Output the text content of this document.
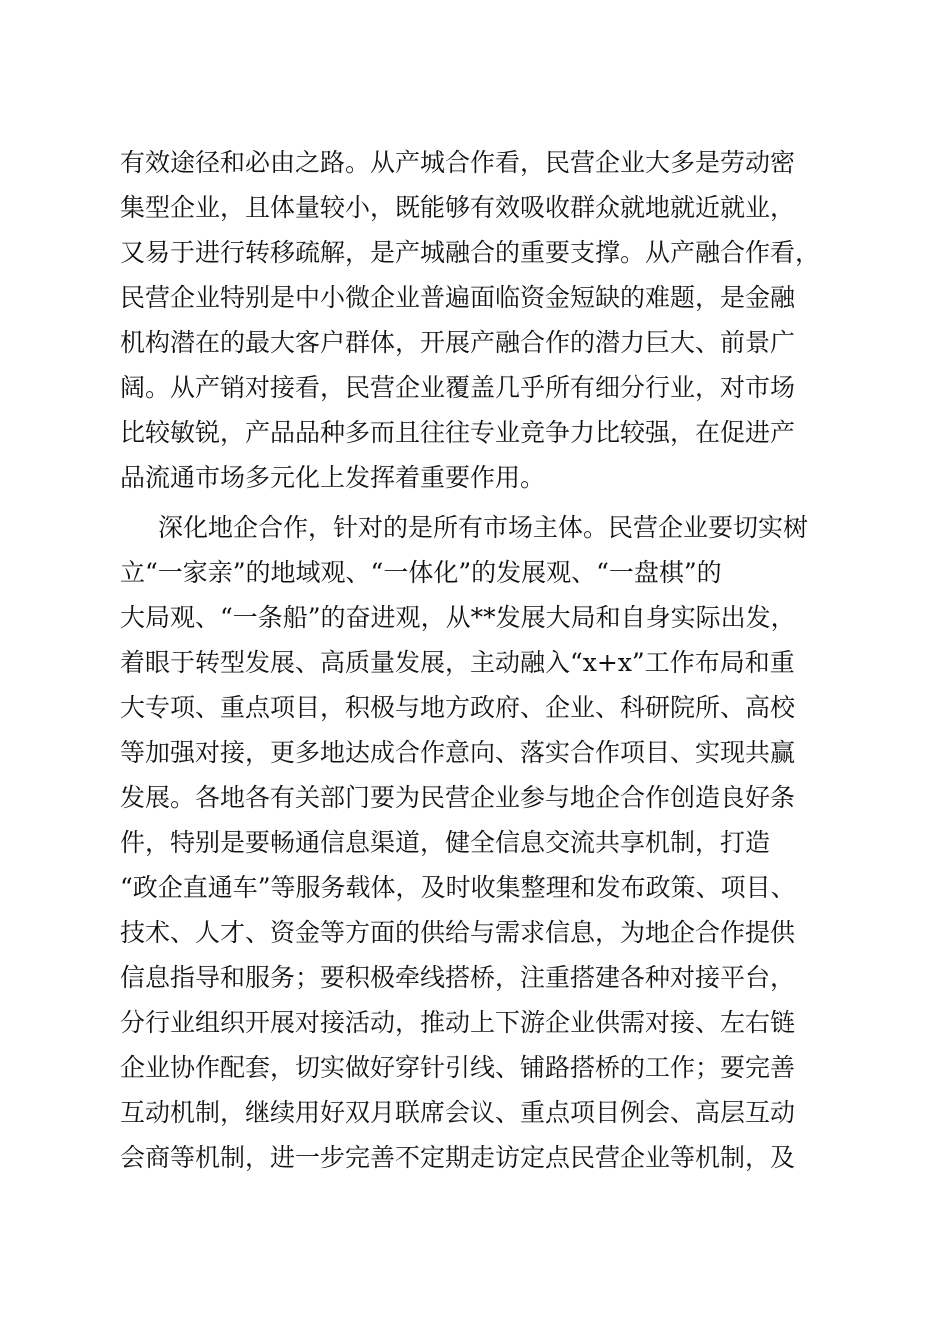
有效途径和必由之路。从产城合作看，民营企业大多是劳动密
集型企业，且体量较小，既能够有效吸收群众就地就近就业，
又易于进行转移疏解，是产城融合的重要支撑。从产融合作看，
民营企业特别是中小微企业普遍面临资金短缺的难题，是金融
机构潜在的最大客户群体，开展产融合作的潜力巨大、前景广
阔。从产销对接看，民营企业覆盖几乎所有细分行业，对市场
比较敏锐，产品品种多而且往往专业竞争力比较强，在促进产
品流通市场多元化上发挥着重要作用。
深化地企合作，针对的是所有市场主体。民营企业要切实树
立“一家亲”的地域观、“一体化”的发展观、“一盘棋”的
大局观、“一条船”的奋进观，从**发展大局和自身实际出发，
着眼于转型发展、高质量发展，主动融入“x+x”工作布局和重
大专项、重点项目，积极与地方政府、企业、科研院所、高校
等加强对接，更多地达成合作意向、落实合作项目、实现共赢
发展。各地各有关部门要为民营企业参与地企合作创造良好条
件，特别是要畅通信息渠道，健全信息交流共享机制，打造
“政企直通车”等服务载体，及时收集整理和发布政策、项目、
技术、人才、资金等方面的供给与需求信息，为地企合作提供
信息指导和服务；要积极牵线搭桥，注重搭建各种对接平台，
分行业组织开展对接活动，推动上下游企业供需对接、左右链
企业协作配套，切实做好穿针引线、铺路搭桥的工作；要完善
互动机制，继续用好双月联席会议、重点项目例会、高层互动
会商等机制，进一步完善不定期走访定点民营企业等机制，及
